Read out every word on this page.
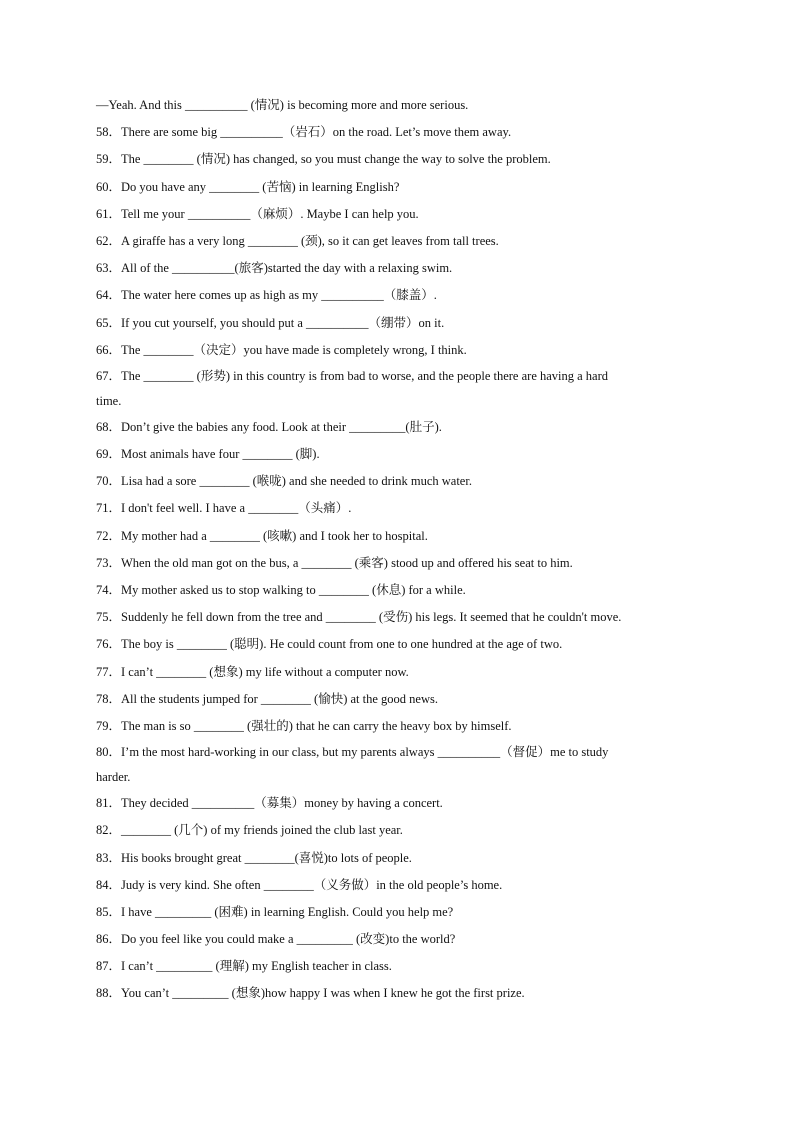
—Yeah. And this __________ (情况) is becoming more and more serious.
58．There are some big __________（岩石）on the road. Let’s move them away.
59．The ________ (情况) has changed, so you must change the way to solve the problem.
60．Do you have any ________ (苦恼) in learning English?
61．Tell me your __________（麻烦）. Maybe I can help you.
62．A giraffe has a very long ________ (颈), so it can get leaves from tall trees.
63．All of the __________(旅客)started the day with a relaxing swim.
64．The water here comes up as high as my __________（膝盖）.
65．If you cut yourself, you should put a __________（绷带）on it.
66．The ________（决定）you have made is completely wrong, I think.
67．The ________ (形势) in this country is from bad to worse, and the people there are having a hard
time.
68．Don’t give the babies any food. Look at their _________(肚子).
69．Most animals have four ________ (脚).
70．Lisa had a sore ________ (喉咙) and she needed to drink much water.
71．I don't feel well. I have a ________（头痛）.
72．My mother had a ________ (咳嗽) and I took her to hospital.
73．When the old man got on the bus, a ________ (乘客) stood up and offered his seat to him.
74．My mother asked us to stop walking to ________ (休息) for a while.
75．Suddenly he fell down from the tree and ________ (受伤) his legs. It seemed that he couldn't move.
76．The boy is ________ (聪明). He could count from one to one hundred at the age of two.
77．I can’t ________ (想象) my life without a computer now.
78．All the students jumped for ________ (愉快) at the good news.
79．The man is so ________ (强壮的) that he can carry the heavy box by himself.
80．I’m the most hard-working in our class, but my parents always __________（督促）me to study
harder.
81．They decided __________（募集）money by having a concert.
82．________ (几个) of my friends joined the club last year.
83．His books brought great ________(喜悦)to lots of people.
84．Judy is very kind. She often ________（义务做）in the old people’s home.
85．I have _________ (困难) in learning English. Could you help me?
86．Do you feel like you could make a _________ (改变)to the world?
87．I can’t _________ (理解) my English teacher in class.
88．You can’t _________ (想象)how happy I was when I knew he got the first prize.
